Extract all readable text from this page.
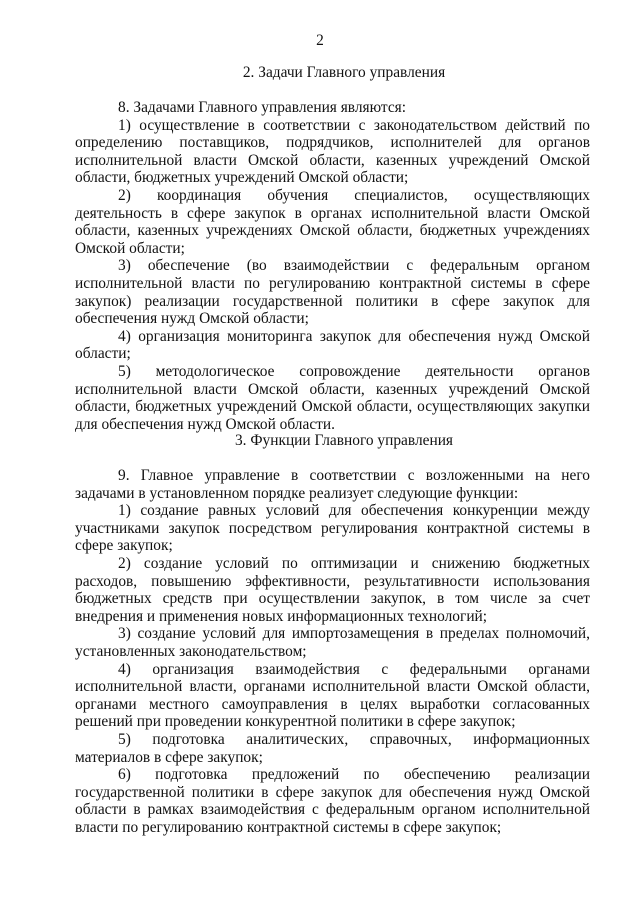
2
2. Задачи Главного управления

8. Задачами Главного управления являются:

1) осуществление в соответствии с законодательством действий по определению поставщиков, подрядчиков, исполнителей для органов исполнительной власти Омской области, казенных учреждений Омской области, бюджетных учреждений Омской области;

2) координация обучения специалистов, осуществляющих деятельность в сфере закупок в органах исполнительной власти Омской области, казенных учреждениях Омской области, бюджетных учреждениях Омской области;

3) обеспечение (во взаимодействии с федеральным органом исполнительной власти по регулированию контрактной системы в сфере закупок) реализации государственной политики в сфере закупок для обеспечения нужд Омской области;

4) организация мониторинга закупок для обеспечения нужд Омской области;

5) методологическое сопровождение деятельности органов исполнительной власти Омской области, казенных учреждений Омской области, бюджетных учреждений Омской области, осуществляющих закупки для обеспечения нужд Омской области.

3. Функции Главного управления

9. Главное управление в соответствии с возложенными на него задачами в установленном порядке реализует следующие функции:

1) создание равных условий для обеспечения конкуренции между участниками закупок посредством регулирования контрактной системы в сфере закупок;

2) создание условий по оптимизации и снижению бюджетных расходов, повышению эффективности, результативности использования бюджетных средств при осуществлении закупок, в том числе за счет внедрения и применения новых информационных технологий;

3) создание условий для импортозамещения в пределах полномочий, установленных законодательством;

4) организация взаимодействия с федеральными органами исполнительной власти, органами исполнительной власти Омской области, органами местного самоуправления в целях выработки согласованных решений при проведении конкурентной политики в сфере закупок;

5) подготовка аналитических, справочных, информационных материалов в сфере закупок;

6) подготовка предложений по обеспечению реализации государственной политики в сфере закупок для обеспечения нужд Омской области в рамках взаимодействия с федеральным органом исполнительной власти по регулированию контрактной системы в сфере закупок;
